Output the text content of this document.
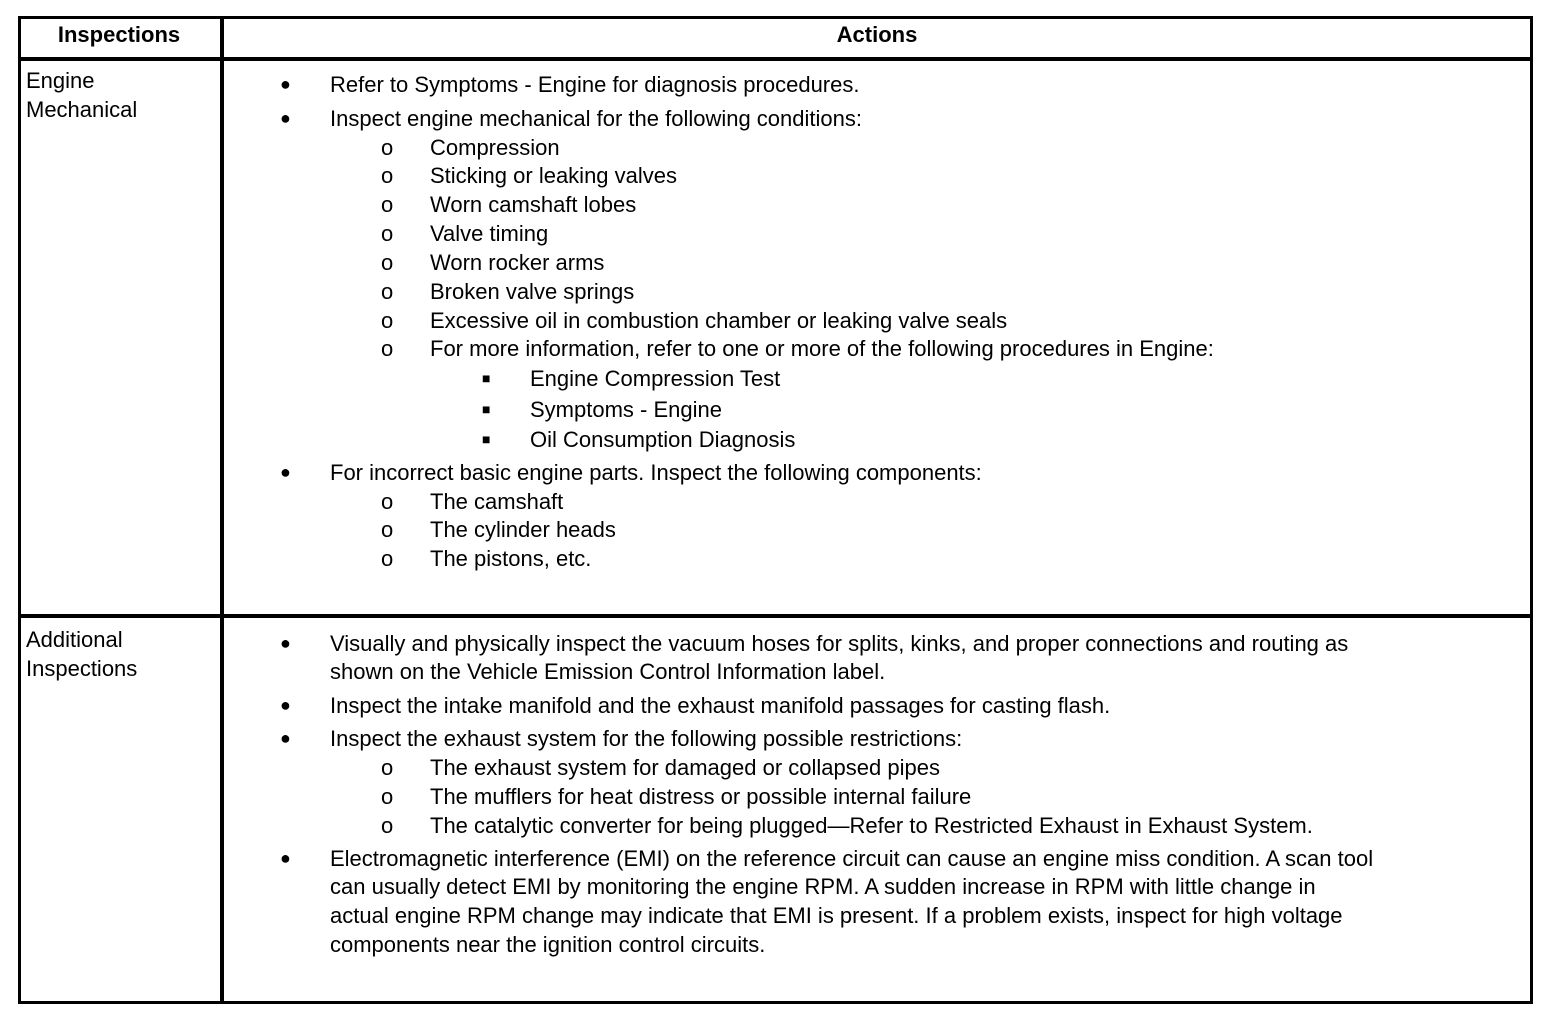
Inspections	Actions
Engine
Mechanical
● Refer to Symptoms - Engine for diagnosis procedures.
● Inspect engine mechanical for the following conditions:
o Compression
o Sticking or leaking valves
o Worn camshaft lobes
o Valve timing
o Worn rocker arms
o Broken valve springs
o Excessive oil in combustion chamber or leaking valve seals
o For more information, refer to one or more of the following procedures in Engine:
■ Engine Compression Test
■ Symptoms - Engine
■ Oil Consumption Diagnosis
● For incorrect basic engine parts. Inspect the following components:
o The camshaft
o The cylinder heads
o The pistons, etc.
Additional
Inspections
● Visually and physically inspect the vacuum hoses for splits, kinks, and proper connections and routing as
shown on the Vehicle Emission Control Information label.
● Inspect the intake manifold and the exhaust manifold passages for casting flash.
● Inspect the exhaust system for the following possible restrictions:
o The exhaust system for damaged or collapsed pipes
o The mufflers for heat distress or possible internal failure
o The catalytic converter for being plugged—Refer to Restricted Exhaust in Exhaust System.
● Electromagnetic interference (EMI) on the reference circuit can cause an engine miss condition. A scan tool
can usually detect EMI by monitoring the engine RPM. A sudden increase in RPM with little change in
actual engine RPM change may indicate that EMI is present. If a problem exists, inspect for high voltage
components near the ignition control circuits.
